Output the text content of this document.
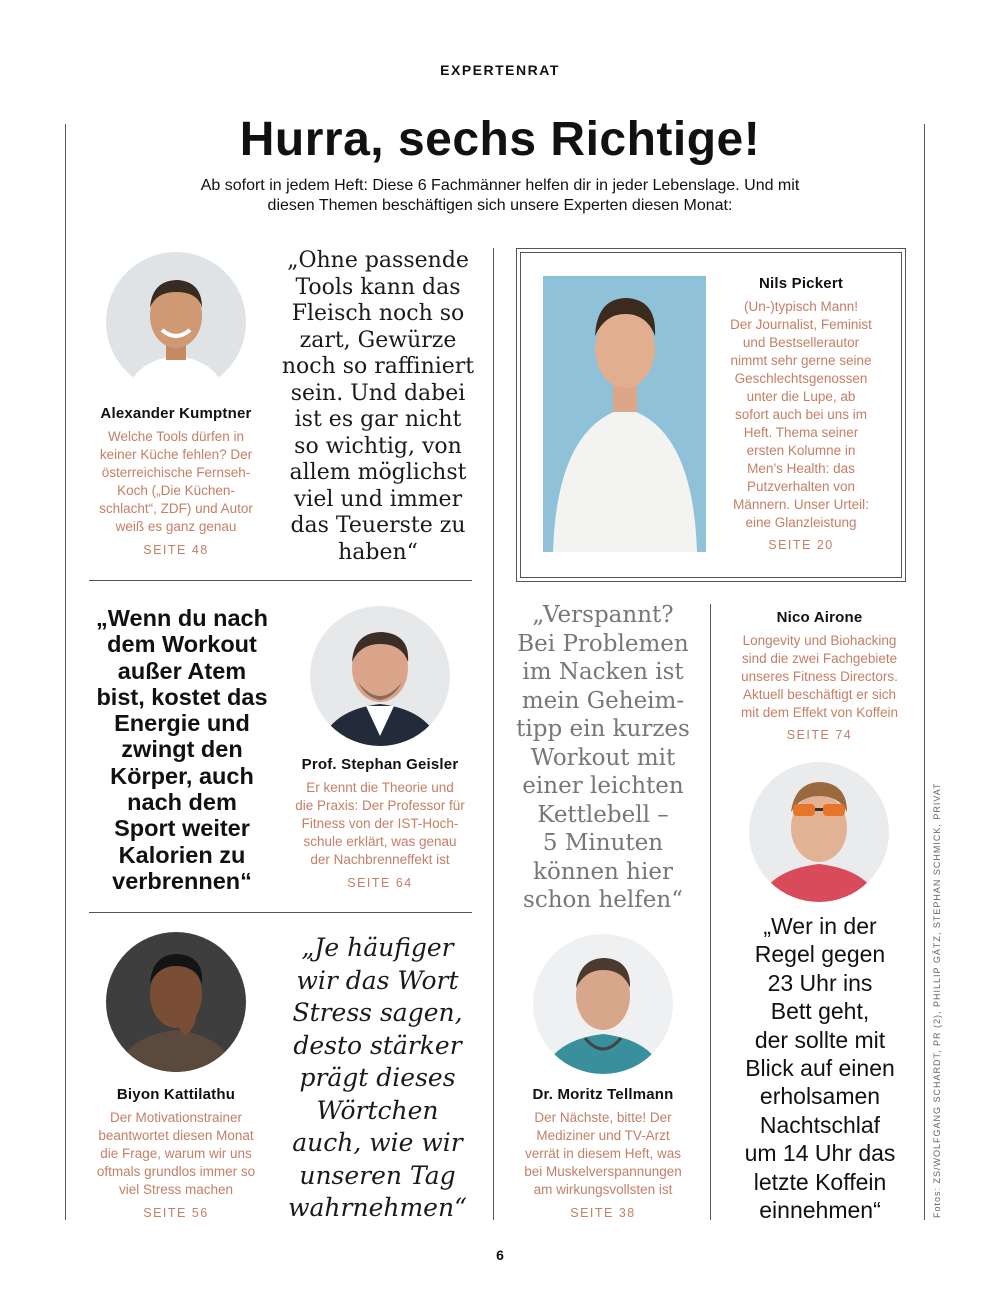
EXPERTENRAT
Hurra, sechs Richtige!
Ab sofort in jedem Heft: Diese 6 Fachmänner helfen dir in jeder Lebenslage. Und mit
diesen Themen beschäftigen sich unsere Experten diesen Monat:
Alexander Kumptner
Welche Tools dürfen in
keiner Küche fehlen? Der
österreichische Fernseh-
Koch („Die Küchen-
schlacht“, ZDF) und Autor
weiß es ganz genau
SEITE 48
„Ohne passende
Tools kann das
Fleisch noch so
zart, Gewürze
noch so raffiniert
sein. Und dabei
ist es gar nicht
so wichtig, von
allem möglichst
viel und immer
das Teuerste zu
haben“
Nils Pickert
(Un-)typisch Mann!
Der Journalist, Feminist
und Bestsellerautor
nimmt sehr gerne seine
Geschlechtsgenossen
unter die Lupe, ab
sofort auch bei uns im
Heft. Thema seiner
ersten Kolumne in
Men’s Health: das
Putzverhalten von
Männern. Unser Urteil:
eine Glanzleistung
SEITE 20
„Wenn du nach
dem Workout
außer Atem
bist, kostet das
Energie und
zwingt den
Körper, auch
nach dem
Sport weiter
Kalorien zu
verbrennen“
Prof. Stephan Geisler
Er kennt die Theorie und
die Praxis: Der Professor für
Fitness von der IST-Hoch-
schule erklärt, was genau
der Nachbrenneffekt ist
SEITE 64
„Verspannt?
Bei Problemen
im Nacken ist
mein Geheim-
tipp ein kurzes
Workout mit
einer leichten
Kettlebell –
5 Minuten
können hier
schon helfen“
Dr. Moritz Tellmann
Der Nächste, bitte! Der
Mediziner und TV-Arzt
verrät in diesem Heft, was
bei Muskelverspannungen
am wirkungsvollsten ist
SEITE 38
Nico Airone
Longevity und Biohacking
sind die zwei Fachgebiete
unseres Fitness Directors.
Aktuell beschäftigt er sich
mit dem Effekt von Koffein
SEITE 74
„Wer in der
Regel gegen
23 Uhr ins
Bett geht,
der sollte mit
Blick auf einen
erholsamen
Nachtschlaf
um 14 Uhr das
letzte Koffein
einnehmen“
Biyon Kattilathu
Der Motivationstrainer
beantwortet diesen Monat
die Frage, warum wir uns
oftmals grundlos immer so
viel Stress machen
SEITE 56
„Je häufiger
wir das Wort
Stress sagen,
desto stärker
prägt dieses
Wörtchen
auch, wie wir
unseren Tag
wahrnehmen“	Fotos: ZS/WOLFGANG SCHARDT, PR (2), PHILLIP GÄTZ, STEPHAN SCHMICK, PRIVAT
6
